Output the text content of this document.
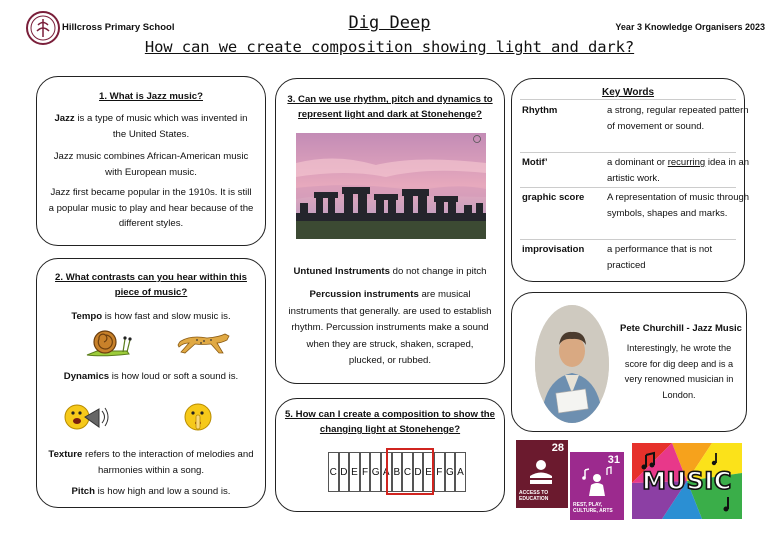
Hillcross Primary School	Dig Deep
How can we create composition showing light and dark?
Year 3 Knowledge Organisers 2023
1. What is Jazz music?
Jazz is a type of music which was invented in the United States.
Jazz music combines African-American music with European music.
Jazz first became popular in the 1910s. It is still a popular music to play and hear because of the different styles.
2. What contrasts can you hear within this piece of music?
Tempo is how fast and slow music is.
Dynamics is how loud or soft a sound is.
Texture refers to the interaction of melodies and harmonies within a song.
Pitch is how high and low a sound is.
3. Can we use rhythm, pitch and dynamics to represent light and dark at Stonehenge?
Untuned Instruments do not change in pitch
Percussion instruments are musical instruments that generally. are used to establish rhythm. Percussion instruments make a sound when they are struck, shaken, scraped, plucked, or rubbed.
5. How can I create a composition to show the changing light at Stonehenge?
C D E F G A B C D E F G A
Key Words
Rhythm	a strong, regular repeated pattern of movement or sound.
Motif’	a dominant or recurring idea in an artistic work.
graphic score	A representation of music through symbols, shapes and marks.
improvisation	a performance that is not practiced
Pete Churchill - Jazz Music
Interestingly, he wrote the score for dig deep and is a very renowned musician in London.
28
ACCESS TO EDUCATION
31
REST, PLAY, CULTURE, ARTS
MUSIC
